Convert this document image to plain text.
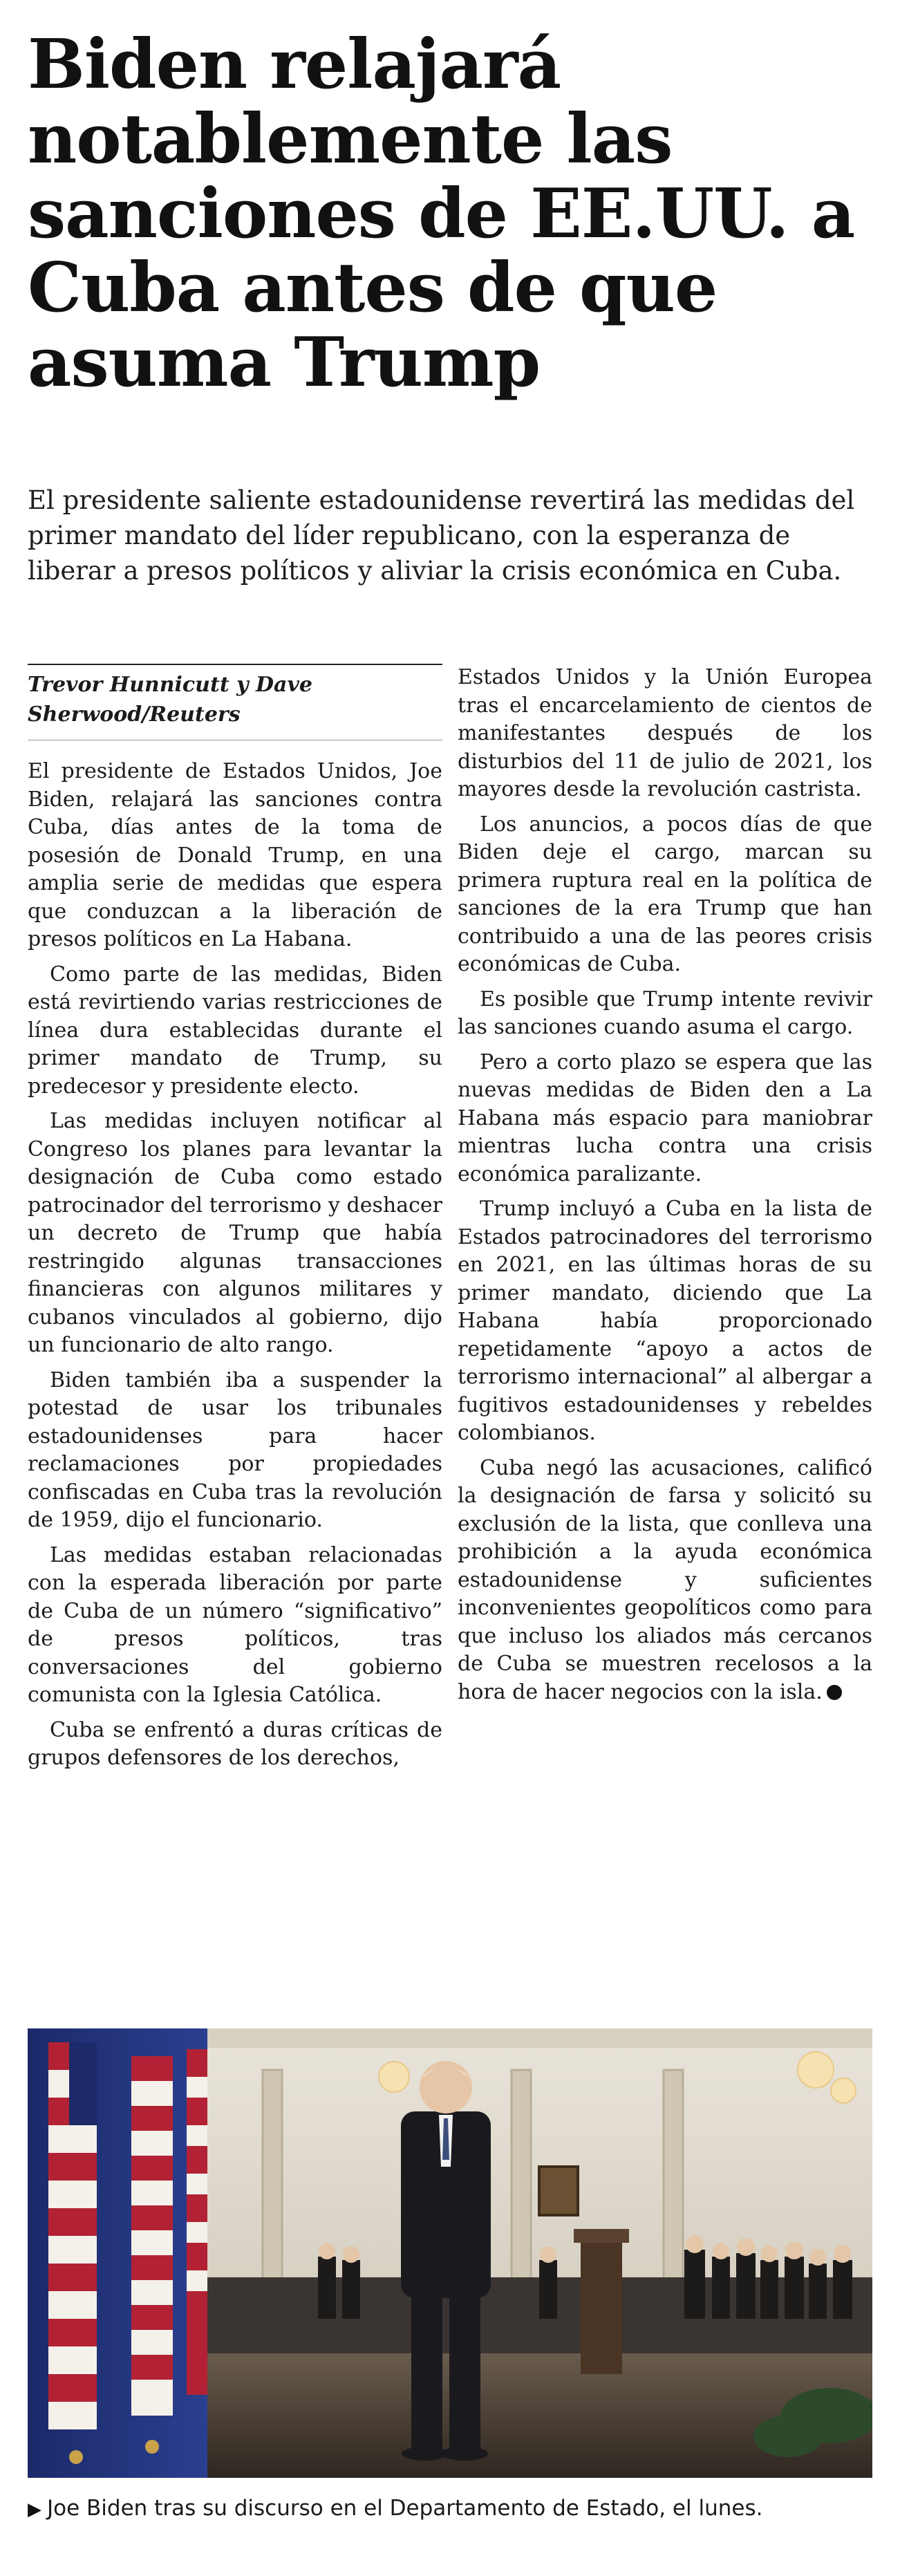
Biden relajará notablemente las sanciones de EE.UU. a Cuba antes de que asuma Trump

El presidente saliente estadounidense revertirá las medidas del primer mandato del líder republicano, con la esperanza de liberar a presos políticos y aliviar la crisis económica en Cuba.

Trevor Hunnicutt y Dave Sherwood/Reuters

El presidente de Estados Unidos, Joe Biden, relajará las sanciones contra Cuba, días antes de la toma de posesión de Donald Trump, en una amplia serie de medidas que espera que conduzcan a la liberación de presos políticos en La Habana.

Como parte de las medidas, Biden está revirtiendo varias restricciones de línea dura establecidas durante el primer mandato de Trump, su predecesor y presidente electo.

Las medidas incluyen notificar al Congreso los planes para levantar la designación de Cuba como estado patrocinador del terrorismo y deshacer un decreto de Trump que había restringido algunas transacciones financieras con algunos militares y cubanos vinculados al gobierno, dijo un funcionario de alto rango.

Biden también iba a suspender la potestad de usar los tribunales estadounidenses para hacer reclamaciones por propiedades confiscadas en Cuba tras la revolución de 1959, dijo el funcionario.

Las medidas estaban relacionadas con la esperada liberación por parte de Cuba de un número “significativo” de presos políticos, tras conversaciones del gobierno comunista con la Iglesia Católica.

Cuba se enfrentó a duras críticas de grupos defensores de los derechos,

Estados Unidos y la Unión Europea tras el encarcelamiento de cientos de manifestantes después de los disturbios del 11 de julio de 2021, los mayores desde la revolución castrista.

Los anuncios, a pocos días de que Biden deje el cargo, marcan su primera ruptura real en la política de sanciones de la era Trump que han contribuido a una de las peores crisis económicas de Cuba.

Es posible que Trump intente revivir las sanciones cuando asuma el cargo.

Pero a corto plazo se espera que las nuevas medidas de Biden den a La Habana más espacio para maniobrar mientras lucha contra una crisis económica paralizante.

Trump incluyó a Cuba en la lista de Estados patrocinadores del terrorismo en 2021, en las últimas horas de su primer mandato, diciendo que La Habana había proporcionado repetidamente “apoyo a actos de terrorismo internacional” al albergar a fugitivos estadounidenses y rebeldes colombianos.

Cuba negó las acusaciones, calificó la designación de farsa y solicitó su exclusión de la lista, que conlleva una prohibición a la ayuda económica estadounidense y suficientes inconvenientes geopolíticos como para que incluso los aliados más cercanos de Cuba se muestren recelosos a la hora de hacer negocios con la isla.

▶ Joe Biden tras su discurso en el Departamento de Estado, el lunes.
